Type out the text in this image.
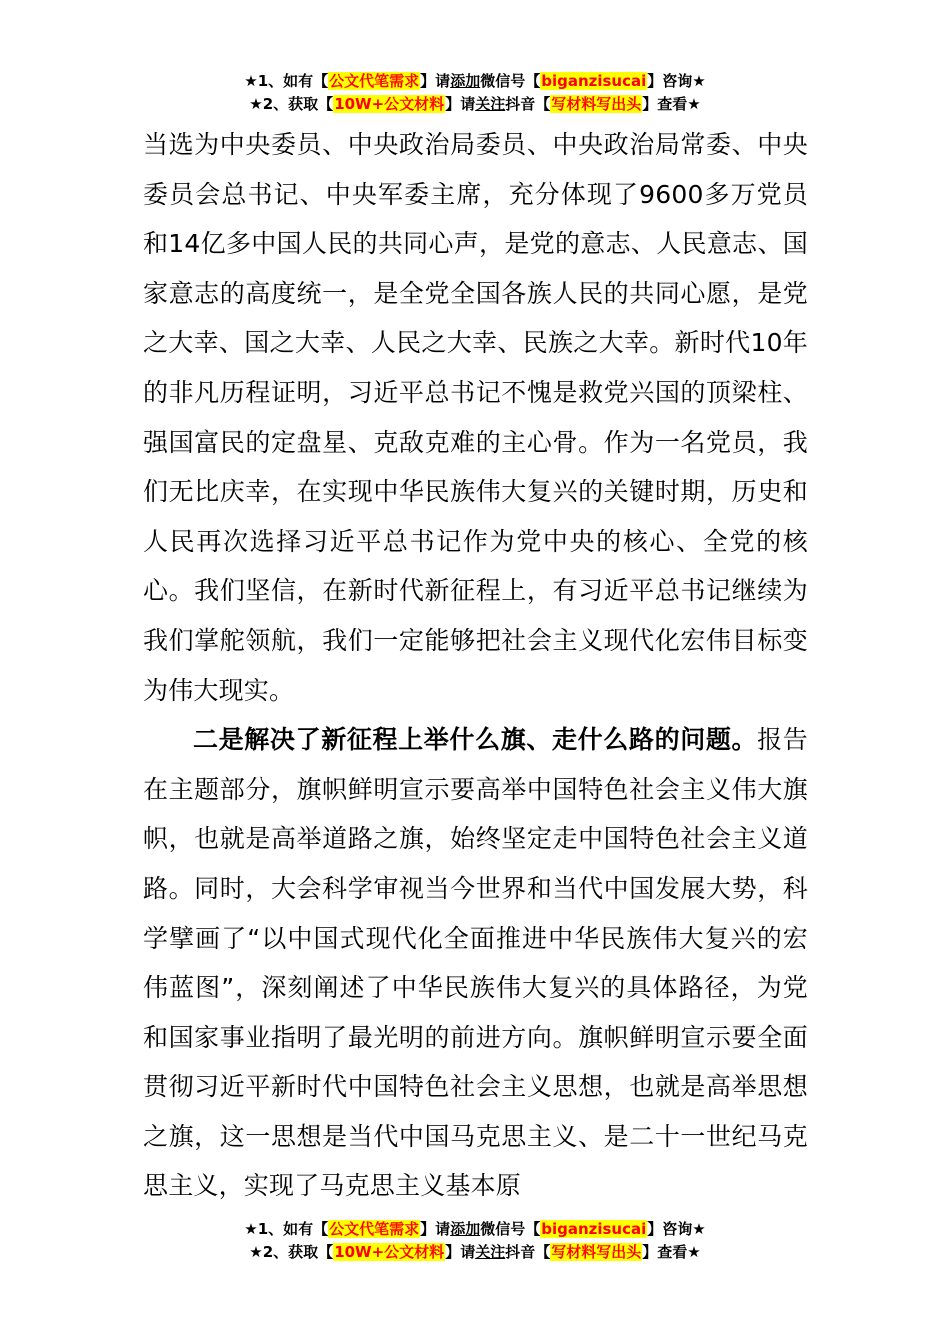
★1、如有【公文代笔需求】请添加微信号【biganzisucai】咨询★
★2、获取【10W+公文材料】请关注抖音【写材料写出头】查看★

当选为中央委员、中央政治局委员、中央政治局常委、中央委员会总书记、中央军委主席，充分体现了9600多万党员和14亿多中国人民的共同心声，是党的意志、人民意志、国家意志的高度统一，是全党全国各族人民的共同心愿，是党之大幸、国之大幸、人民之大幸、民族之大幸。新时代10年的非凡历程证明，习近平总书记不愧是救党兴国的顶梁柱、强国富民的定盘星、克敌克难的主心骨。作为一名党员，我们无比庆幸，在实现中华民族伟大复兴的关键时期，历史和人民再次选择习近平总书记作为党中央的核心、全党的核心。我们坚信，在新时代新征程上，有习近平总书记继续为我们掌舵领航，我们一定能够把社会主义现代化宏伟目标变为伟大现实。

二是解决了新征程上举什么旗、走什么路的问题。报告在主题部分，旗帜鲜明宣示要高举中国特色社会主义伟大旗帜，也就是高举道路之旗，始终坚定走中国特色社会主义道路。同时，大会科学审视当今世界和当代中国发展大势，科学擘画了“以中国式现代化全面推进中华民族伟大复兴的宏伟蓝图”，深刻阐述了中华民族伟大复兴的具体路径，为党和国家事业指明了最光明的前进方向。旗帜鲜明宣示要全面贯彻习近平新时代中国特色社会主义思想，也就是高举思想之旗，这一思想是当代中国马克思主义、是二十一世纪马克思主义，实现了马克思主义基本原

★1、如有【公文代笔需求】请添加微信号【biganzisucai】咨询★
★2、获取【10W+公文材料】请关注抖音【写材料写出头】查看★
